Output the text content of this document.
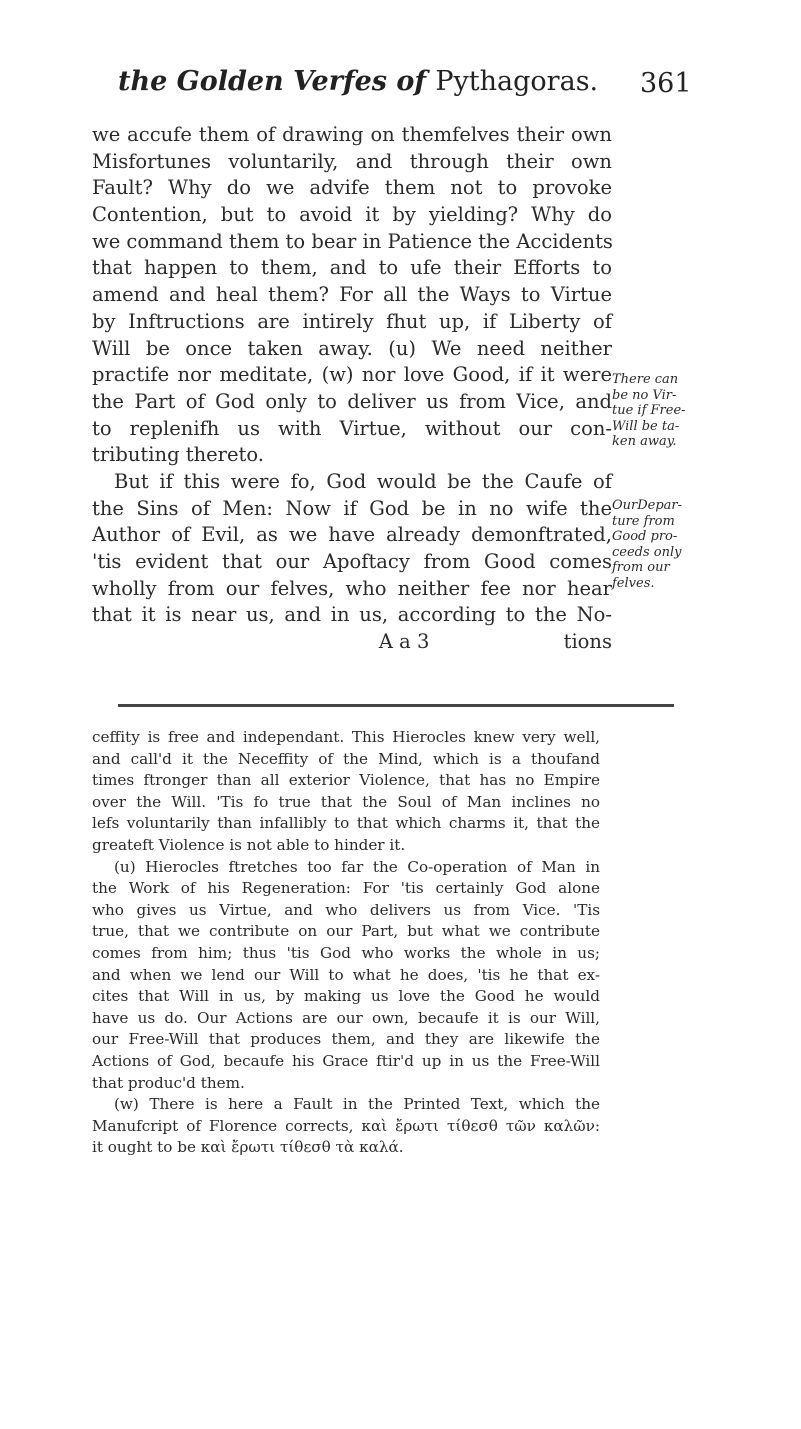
the Golden Verfes of Pythagoras.	361
we accufe them of drawing on themfelves their own
Misfortunes voluntarily, and through their own
Fault? Why do we advife them not to provoke
Contention, but to avoid it by yielding? Why do
we command them to bear in Patience the Accidents
that happen to them, and to ufe their Efforts to
amend and heal them? For all the Ways to Virtue
by Inftructions are intirely fhut up, if Liberty of
Will be once taken away. (u) We need neither
practife nor meditate, (w) nor love Good, if it were
the Part of God only to deliver us from Vice, and
to replenifh us with Virtue, without our con-
tributing thereto.
But if this were fo, God would be the Caufe of
the Sins of Men: Now if God be in no wife the
Author of Evil, as we have already demonftrated,
'tis evident that our Apoftacy from Good comes
wholly from our felves, who neither fee nor hear
that it is near us, and in us, according to the No-
A a 3	tions
There can
be no Vir-
tue if Free-
Will be ta-
ken away.
OurDepar-
ture from
Good pro-
ceeds only
from our
felves.
ceffity is free and independant. This Hierocles knew very well,
and call'd it the Neceffity of the Mind, which is a thoufand
times ftronger than all exterior Violence, that has no Empire
over the Will. 'Tis fo true that the Soul of Man inclines no
lefs voluntarily than infallibly to that which charms it, that the
greateft Violence is not able to hinder it.
(u) Hierocles ftretches too far the Co-operation of Man in
the Work of his Regeneration: For 'tis certainly God alone
who gives us Virtue, and who delivers us from Vice. 'Tis
true, that we contribute on our Part, but what we contribute
comes from him; thus 'tis God who works the whole in us;
and when we lend our Will to what he does, 'tis he that ex-
cites that Will in us, by making us love the Good he would
have us do. Our Actions are our own, becaufe it is our Will,
our Free-Will that produces them, and they are likewife the
Actions of God, becaufe his Grace ftir'd up in us the Free-Will
that produc'd them.
(w) There is here a Fault in the Printed Text, which the
Manufcript of Florence corrects, καὶ ἔρωτι τίθεσθ τῶν καλῶν:
it ought to be καὶ ἔρωτι τίθεσθ τὰ καλά.
